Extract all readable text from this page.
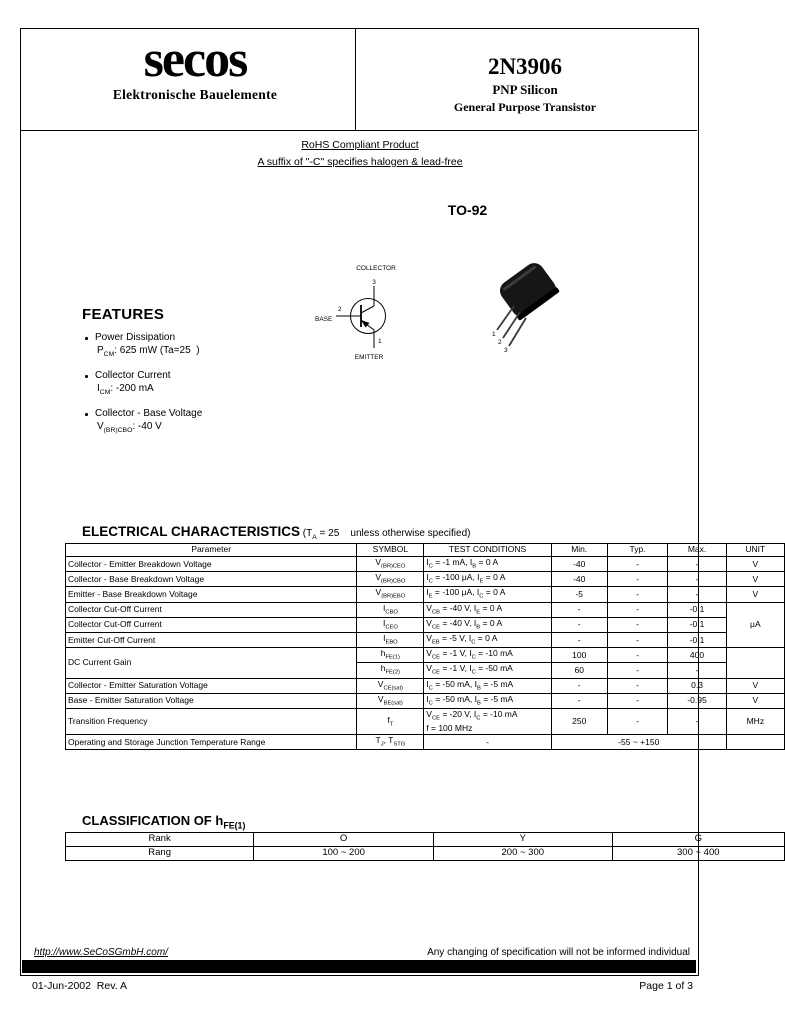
secos
Elektronische Bauelemente
2N3906
PNP Silicon
General Purpose Transistor
RoHS Compliant Product
A suffix of "-C" specifies halogen & lead-free
TO-92
COLLECTOR
3
2
BASE
1
EMITTER
1
2
3
FEATURES
Power Dissipation
$P_{CM}$: 625 mW (Ta=25  )
Collector Current
$I_{CM}$: -200 mA
Collector - Base Voltage
$V_{(BR)CBO}$: -40 V
ELECTRICAL CHARACTERISTICS ($T_A = 25$    unless otherwise specified)
Parameter	SYMBOL	TEST CONDITIONS	Min.	Typ.	Max.	UNIT
Collector - Emitter Breakdown Voltage	$V_{(BR)CEO}$	$I_C = -1$ mA, $I_B = 0$ A	-40	-	-	V
Collector - Base Breakdown Voltage	$V_{(BR)CBO}$	$I_C = -100$ μA, $I_E = 0$ A	-40	-	-	V
Emitter - Base Breakdown Voltage	$V_{(BR)EBO}$	$I_E = -100$ μA, $I_C = 0$ A	-5	-	-	V
Collector Cut-Off Current	$I_{CBO}$	$V_{CB} = -40$ V, $I_E = 0$ A	-	-	-0.1	μA
Collector Cut-Off Current	$I_{CEO}$	$V_{CE} = -40$ V, $I_B = 0$ A	-	-	-0.1	
Emitter Cut-Off Current	$I_{EBO}$	$V_{EB} = -5$ V, $I_C = 0$ A	-	-	-0.1	
DC Current Gain	$h_{FE(1)}$	$V_{CE} = -1$ V, $I_C = -10$ mA	100	-	400	
	$h_{FE(2)}$	$V_{CE} = -1$ V, $I_C = -50$ mA	60	-	-	
Collector - Emitter Saturation Voltage	$V_{CE(sat)}$	$I_C = -50$ mA, $I_B = -5$ mA	-	-	0.3	V
Base - Emitter Saturation Voltage	$V_{BE(sat)}$	$I_C = -50$ mA, $I_B = -5$ mA	-	-	-0.95	V
Transition Frequency	$f_T$	$V_{CE} = -20$ V, $I_C = -10$ mA
f = 100 MHz	250	-	-	MHz
Operating and Storage Junction Temperature Range	$T_J$, $T_{STG}$	-	-55 ~ +150			
CLASSIFICATION OF $h_{FE(1)}$
Rank	O	Y	G
Rang	100 ~ 200	200 ~ 300	300 ~ 400
http://www.SeCoSGmbH.com/	Any changing of specification will not be informed individual
01-Jun-2002  Rev. A	Page 1 of 3
